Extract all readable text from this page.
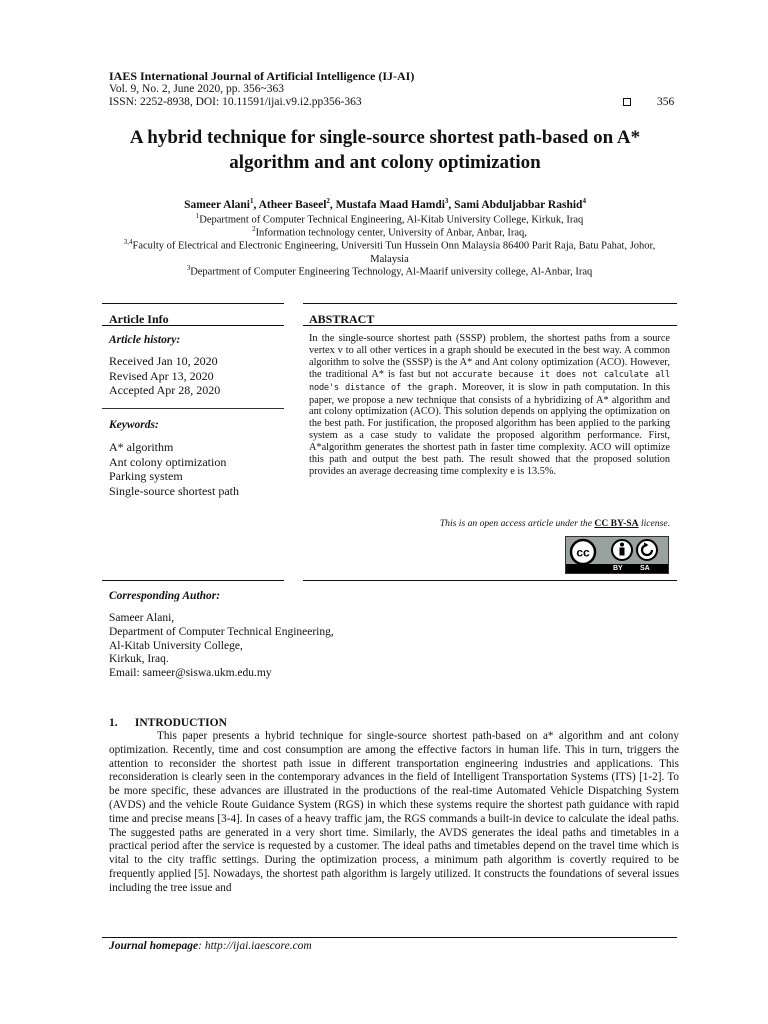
IAES International Journal of Artificial Intelligence (IJ-AI)
Vol. 9, No. 2, June 2020, pp. 356~363
ISSN: 2252-8938, DOI: 10.11591/ijai.v9.i2.pp356-363	356
A hybrid technique for single-source shortest path-based on A*
algorithm and ant colony optimization
Sameer Alani$^1$, Atheer Baseel$^2$, Mustafa Maad Hamdi$^3$, Sami Abduljabbar Rashid$^4$
$^1$Department of Computer Technical Engineering, Al-Kitab University College, Kirkuk, Iraq
$^2$Information technology center, University of Anbar, Anbar, Iraq,
$^{3,4}$Faculty of Electrical and Electronic Engineering, Universiti Tun Hussein Onn Malaysia 86400 Parit Raja, Batu Pahat, Johor, Malaysia
$^3$Department of Computer Engineering Technology, Al-Maarif university college, Al-Anbar, Iraq
Article Info
Article history:
Received Jan 10, 2020
Revised Apr 13, 2020
Accepted Apr 28, 2020
Keywords:
A* algorithm
Ant colony optimization
Parking system
Single-source shortest path
ABSTRACT
In the single-source shortest path (SSSP) problem, the shortest paths from a source vertex v to all other vertices in a graph should be executed in the best way. A common algorithm to solve the (SSSP) is the A* and Ant colony optimization (ACO). However, the traditional A* is fast but not accurate because it does not calculate all node's distance of the graph. Moreover, it is slow in path computation. In this paper, we propose a new technique that consists of a hybridizing of A* algorithm and ant colony optimization (ACO). This solution depends on applying the optimization on the best path. For justification, the proposed algorithm has been applied to the parking system as a case study to validate the proposed algorithm performance. First, A*algorithm generates the shortest path in faster time complexity. ACO will optimize this path and output the best path. The result showed that the proposed solution provides an average decreasing time complexity e is 13.5%.
This is an open access article under the CC BY-SA license.
cc
BY SA
Corresponding Author:
Sameer Alani,
Department of Computer Technical Engineering,
Al-Kitab University College,
Kirkuk, Iraq.
Email: sameer@siswa.ukm.edu.my
1.      INTRODUCTION
This paper presents a hybrid technique for single-source shortest path-based on a* algorithm and ant colony optimization. Recently, time and cost consumption are among the effective factors in human life. This in turn, triggers the attention to reconsider the shortest path issue in different transportation engineering industries and applications. This reconsideration is clearly seen in the contemporary advances in the field of Intelligent Transportation Systems (ITS) [1-2]. To be more specific, these advances are illustrated in the productions of the real-time Automated Vehicle Dispatching System (AVDS) and the vehicle Route Guidance System (RGS) in which these systems require the shortest path guidance with rapid time and precise means [3-4]. In cases of a heavy traffic jam, the RGS commands a built-in device to calculate the ideal paths. The suggested paths are generated in a very short time. Similarly, the AVDS generates the ideal paths and timetables in a practical period after the service is requested by a customer. The ideal paths and timetables depend on the travel time which is vital to the city traffic settings. During the optimization process, a minimum path algorithm is covertly required to be frequently applied [5]. Nowadays, the shortest path algorithm is largely utilized. It constructs the foundations of several issues including the tree issue and
Journal homepage: http://ijai.iaescore.com
